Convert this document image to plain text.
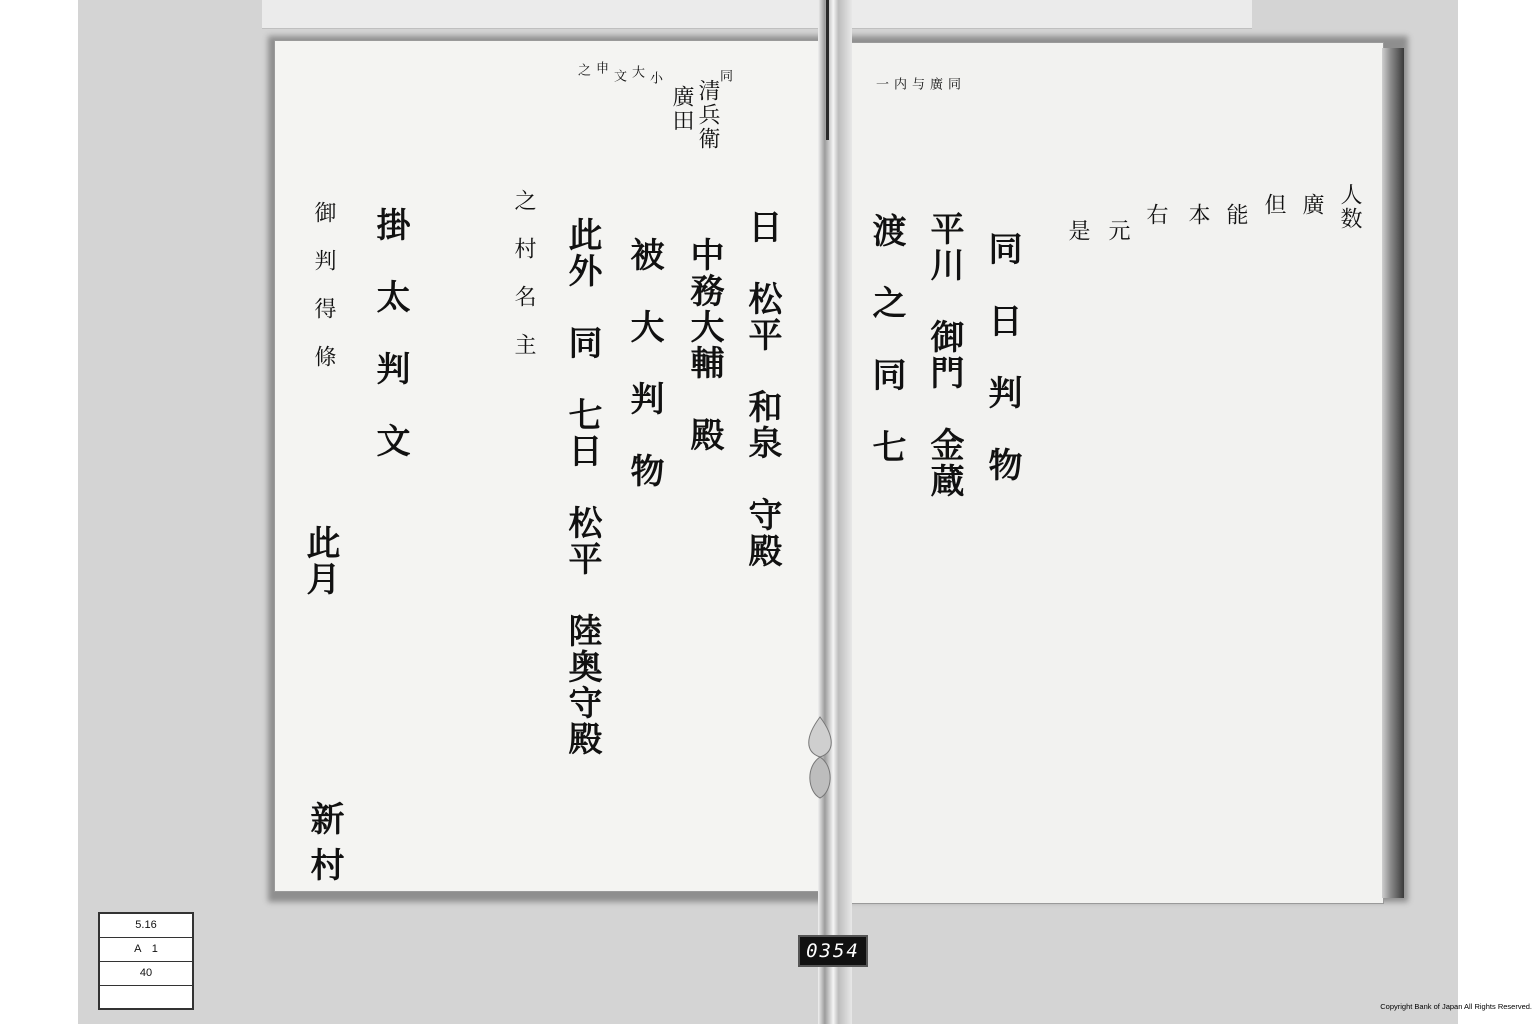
之 申
文 大 小
廣田 清兵衛
同
日　松平　和泉　守殿
中務大輔　殿
被　大　判　物
此外　同　七日　松平　陸奥守殿
之　村　名　主
掛　太　判　文
御　判　得　條
此月
新
村
一 内 与 廣 同
人数
廣
但
能
本
右
元
是
同　日　判　物
平川　御門　金蔵
渡　之　同　七
5.16
A　1
40
0354
Copyright Bank of Japan All Rights Reserved.
